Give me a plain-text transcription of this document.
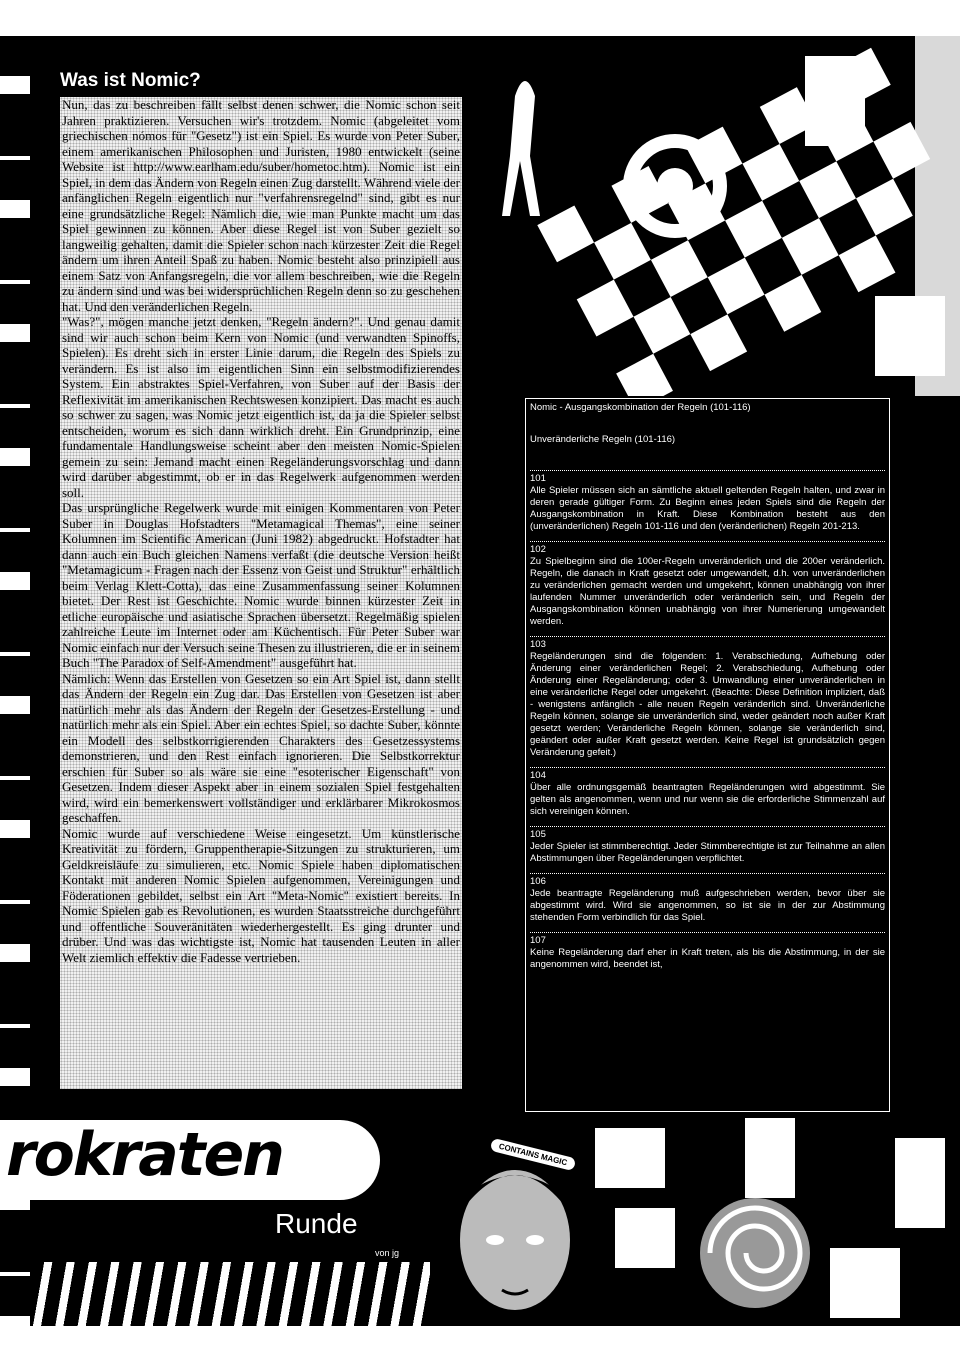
Was ist Nomic?

Nun, das zu beschreiben fällt selbst denen schwer, die Nomic schon seit Jahren praktizieren. Versuchen wir's trotzdem. Nomic (abgeleitet vom griechischen nómos für "Gesetz") ist ein Spiel. Es wurde von Peter Suber, einem amerikanischen Philosophen und Juristen, 1980 entwickelt (seine Website ist http://www.earlham.edu/suber/hometoc.htm). Nomic ist ein Spiel, in dem das Ändern von Regeln einen Zug darstellt. Während viele der anfänglichen Regeln eigentlich nur "verfahrensregelnd" sind, gibt es nur eine grundsätzliche Regel: Nämlich die, wie man Punkte macht um das Spiel gewinnen zu können. Aber diese Regel ist von Suber gezielt so langweilig gehalten, damit die Spieler schon nach kürzester Zeit die Regel ändern um ihren Anteil Spaß zu haben. Nomic besteht also prinzipiell aus einem Satz von Anfangsregeln, die vor allem beschreiben, wie die Regeln zu ändern sind und was bei widersprüchlichen Regeln denn so zu geschehen hat. Und den veränderlichen Regeln.

"Was?", mögen manche jetzt denken, "Regeln ändern?". Und genau damit sind wir auch schon beim Kern von Nomic (und verwandten Spinoffs, Spielen). Es dreht sich in erster Linie darum, die Regeln des Spiels zu verändern. Es ist also im eigentlichen Sinn ein selbstmodifizierendes System. Ein abstraktes Spiel-Verfahren, von Suber auf der Basis der Reflexivität im amerikanischen Rechtswesen konzipiert. Das macht es auch so schwer zu sagen, was Nomic jetzt eigentlich ist, da ja die Spieler selbst entscheiden, worum es sich dann wirklich dreht. Ein Grundprinzip, eine fundamentale Handlungsweise scheint aber den meisten Nomic-Spielen gemein zu sein: Jemand macht einen Regeländerungsvorschlag und dann wird darüber abgestimmt, ob er in das Regelwerk aufgenommen werden soll.

Das ursprüngliche Regelwerk wurde mit einigen Kommentaren von Peter Suber in Douglas Hofstadters "Metamagical Themas", eine seiner Kolumnen im Scientific American (Juni 1982) abgedruckt. Hofstadter hat dann auch ein Buch gleichen Namens verfaßt (die deutsche Version heißt "Metamagicum - Fragen nach der Essenz von Geist und Struktur" erhältlich beim Verlag Klett-Cotta), das eine Zusammenfassung seiner Kolumnen bietet. Der Rest ist Geschichte. Nomic wurde binnen kürzester Zeit in etliche europäische und asiatische Sprachen übersetzt. Regelmäßig spielen zahlreiche Leute im Internet oder am Küchentisch. Für Peter Suber war Nomic einfach nur der Versuch seine Thesen zu illustrieren, die er in seinem Buch "The Paradox of Self-Amendment" ausgeführt hat.

Nämlich: Wenn das Erstellen von Gesetzen so ein Art Spiel ist, dann stellt das Ändern der Regeln ein Zug dar. Das Erstellen von Gesetzen ist aber natürlich mehr als das Ändern der Regeln der Gesetzes-Erstellung - und natürlich mehr als ein Spiel. Aber ein echtes Spiel, so dachte Suber, könnte ein Modell des selbstkorrigierenden Charakters des Gesetzessystems demonstrieren, und den Rest einfach ignorieren. Die Selbstkorrektur erschien für Suber so als wäre sie eine "esoterischer Eigenschaft" von Gesetzen. Indem dieser Aspekt aber in einem sozialen Spiel festgehalten wird, wird ein bemerkenswert vollständiger und erklärbarer Mikrokosmos geschaffen.

Nomic wurde auf verschiedene Weise eingesetzt. Um künstlerische Kreativität zu fördern, Gruppentherapie-Sitzungen zu strukturieren, um Geldkreisläufe zu simulieren, etc. Nomic Spiele haben diplomatischen Kontakt mit anderen Nomic Spielen aufgenommen, Vereinigungen und Föderationen gebildet, selbst ein Art "Meta-Nomic" existiert bereits. In Nomic Spielen gab es Revolutionen, es wurden Staatsstreiche durchgeführt und offentliche Souveränitäten wiederhergestellt. Es ging drunter und drüber. Und was das wichtigste ist, Nomic hat tausenden Leuten in aller Welt ziemlich effektiv die Fadesse vertrieben.

Nomic - Ausgangskombination der Regeln (101-116)
Unveränderliche Regeln (101-116)
101
Alle Spieler müssen sich an sämtliche aktuell geltenden Regeln halten, und zwar in deren gerade gültiger Form. Zu Beginn eines jeden Spiels sind die Regeln der Ausgangskombination in Kraft. Diese Kombination besteht aus den (unveränderlichen) Regeln 101-116 und den (veränderlichen) Regeln 201-213.
102
Zu Spielbeginn sind die 100er-Regeln unveränderlich und die 200er veränderlich. Regeln, die danach in Kraft gesetzt oder umgewandelt, d.h. von unveränderlichen zu veränderlichen gemacht werden und umgekehrt, können unabhängig von ihrer laufenden Nummer unveränderlich oder veränderlich sein, und Regeln der Ausgangskombination können unabhängig von ihrer Numerierung umgewandelt werden.
103
Regeländerungen sind die folgenden: 1. Verabschiedung, Aufhebung oder Änderung einer veränderlichen Regel; 2. Verabschiedung, Aufhebung oder Änderung einer Regeländerung; oder 3. Umwandlung einer unveränderlichen in eine veränderliche Regel oder umgekehrt. (Beachte: Diese Definition impliziert, daß - wenigstens anfänglich - alle neuen Regeln veränderlich sind. Unveränderliche Regeln können, solange sie unveränderlich sind, weder geändert noch außer Kraft gesetzt werden; Veränderliche Regeln können, solange sie veränderlich sind, geändert oder außer Kraft gesetzt werden. Keine Regel ist grundsätzlich gegen Veränderung gefeit.)
104
Über alle ordnungsgemäß beantragten Regeländerungen wird abgestimmt. Sie gelten als angenommen, wenn und nur wenn sie die erforderliche Stimmenzahl auf sich vereinigen können.
105
Jeder Spieler ist stimmberechtigt. Jeder Stimmberechtigte ist zur Teilnahme an allen Abstimmungen über Regeländerungen verpflichtet.
106
Jede beantragte Regeländerung muß aufgeschrieben werden, bevor über sie abgestimmt wird. Wird sie angenommen, so ist sie in der zur Abstimmung stehenden Form verbindlich für das Spiel.
107
Keine Regeländerung darf eher in Kraft treten, als bis die Abstimmung, in der sie angenommen wird, beendet ist,
rokraten
Runde
von jg
CONTAINS MAGIC
